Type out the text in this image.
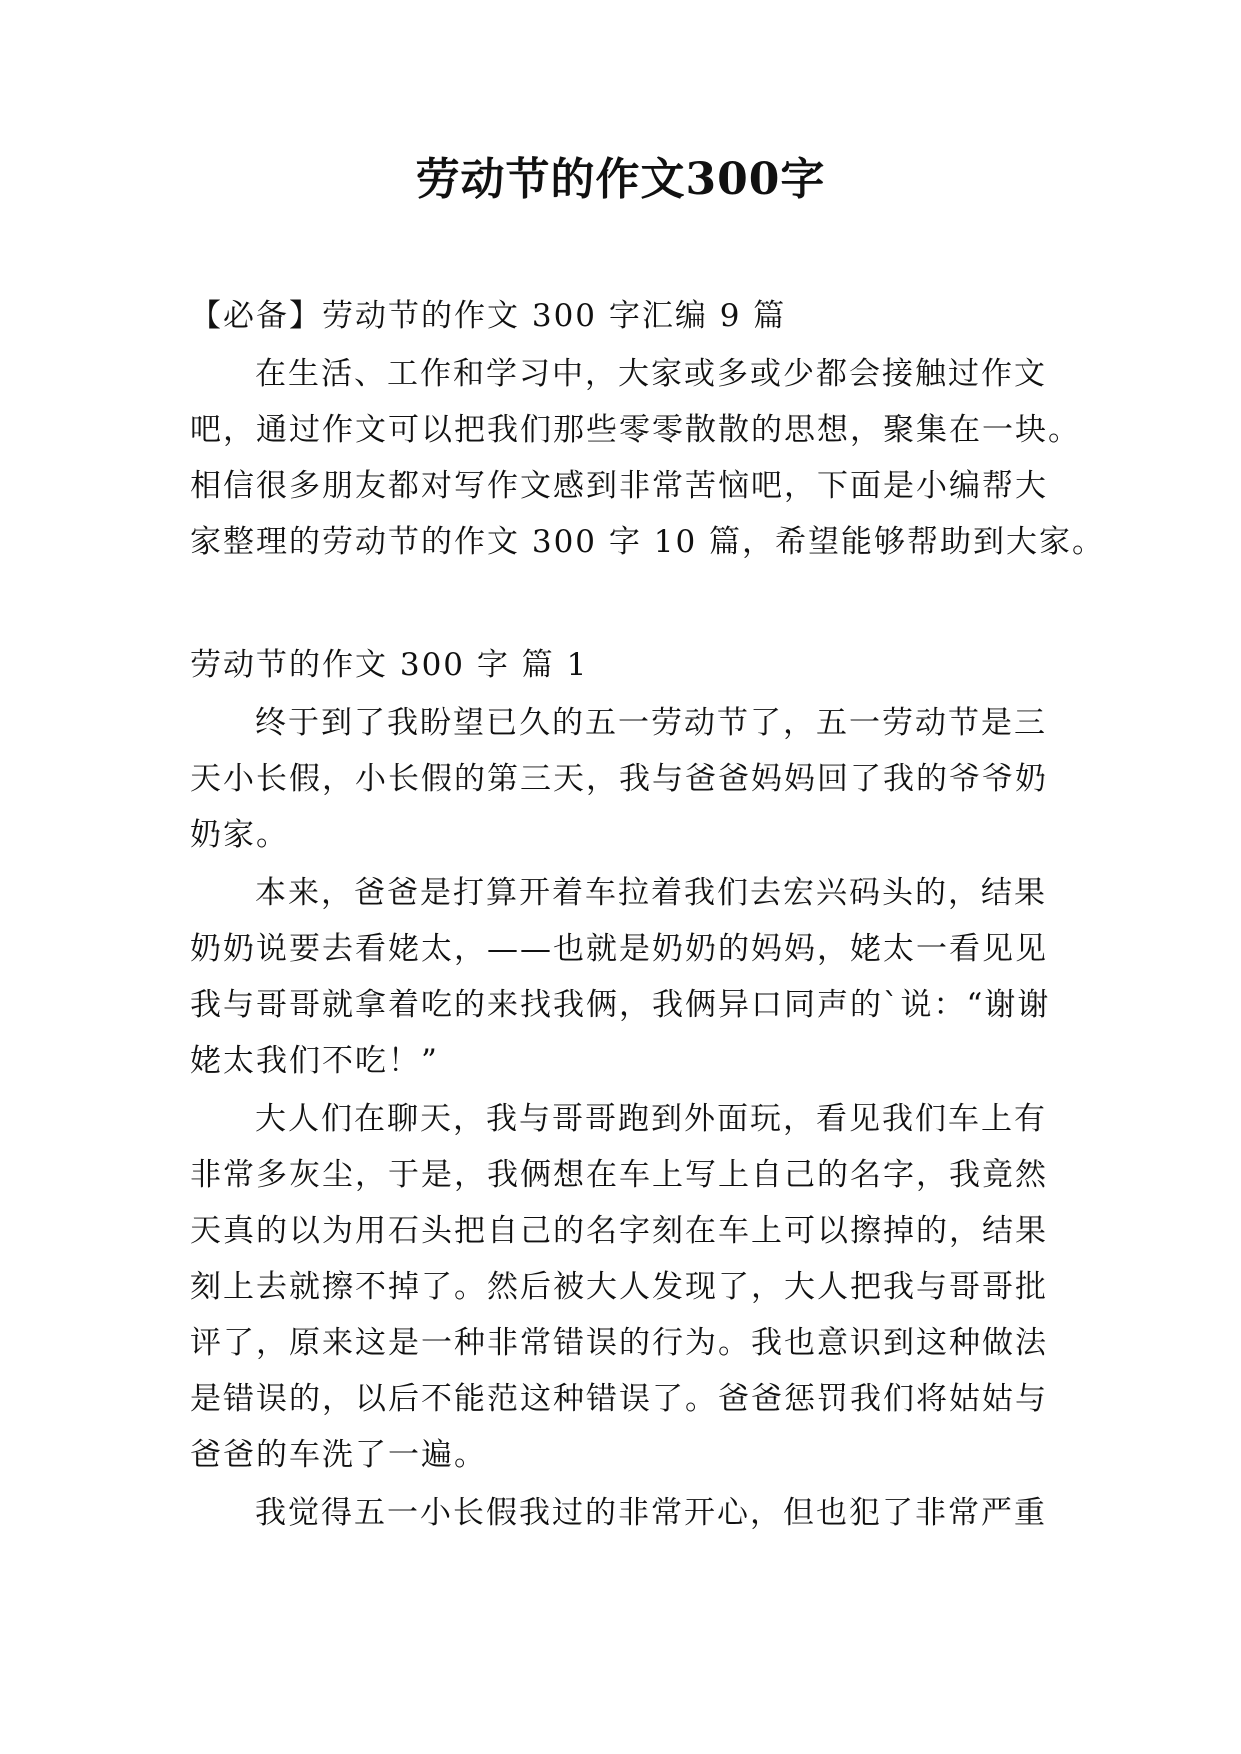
劳动节的作文300字
【必备】劳动节的作文 300 字汇编 9 篇
在生活、工作和学习中，大家或多或少都会接触过作文
吧，通过作文可以把我们那些零零散散的思想，聚集在一块。
相信很多朋友都对写作文感到非常苦恼吧，下面是小编帮大
家整理的劳动节的作文 300 字 10 篇，希望能够帮助到大家。
劳动节的作文 300 字 篇 1
终于到了我盼望已久的五一劳动节了，五一劳动节是三
天小长假，小长假的第三天，我与爸爸妈妈回了我的爷爷奶
奶家。
本来，爸爸是打算开着车拉着我们去宏兴码头的，结果
奶奶说要去看姥太，——也就是奶奶的妈妈，姥太一看见见
我与哥哥就拿着吃的来找我俩，我俩异口同声的`说：“谢谢
姥太我们不吃！”
大人们在聊天，我与哥哥跑到外面玩，看见我们车上有
非常多灰尘，于是，我俩想在车上写上自己的名字，我竟然
天真的以为用石头把自己的名字刻在车上可以擦掉的，结果
刻上去就擦不掉了。然后被大人发现了，大人把我与哥哥批
评了，原来这是一种非常错误的行为。我也意识到这种做法
是错误的，以后不能范这种错误了。爸爸惩罚我们将姑姑与
爸爸的车洗了一遍。
我觉得五一小长假我过的非常开心，但也犯了非常严重
